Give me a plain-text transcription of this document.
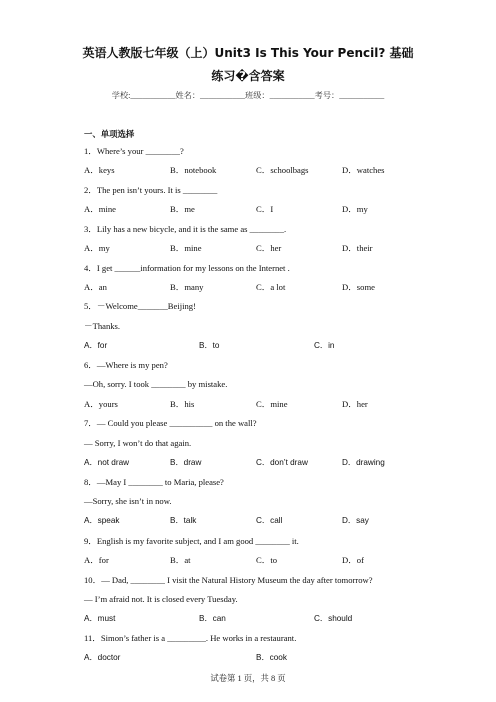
英语人教版七年级（上）Unit3 Is This Your Pencil? 基础
练习�含答案
学校:___________姓名：___________班级：___________考号：___________
一、单项选择
1．Where’s your ________?
A．keys	B．notebook	C．schoolbags	D．watches
2．The pen isn’t yours. It is ________
A．mine	B．me	C．I	D．my
3．Lily has a new bicycle, and it is the same as ________.
A．my	B．mine	C．her	D．their
4．I get ______information for my lessons on the Internet .
A．an	B．many	C．a lot	D．some
5．－Welcome_______Beijing!
－Thanks.
A．for	B．to	C．in
6．—Where is my pen?
—Oh, sorry. I took ________ by mistake.
A．yours	B．his	C．mine	D．her
7．— Could you please __________ on the wall?
— Sorry, I won’t do that again.
A．not draw	B．draw	C．don’t draw	D．drawing
8．—May I ________ to Maria, please?
—Sorry, she isn’t in now.
A．speak	B．talk	C．call	D．say
9．English is my favorite subject, and I am good ________ it.
A．for	B．at	C．to	D．of
10．— Dad, ________ I visit the Natural History Museum the day after tomorrow?
— I’m afraid not. It is closed every Tuesday.
A．must	B．can	C．should
11．Simon’s father is a _________. He works in a restaurant.
A．doctor	B．cook
试卷第 1 页，共 8 页
